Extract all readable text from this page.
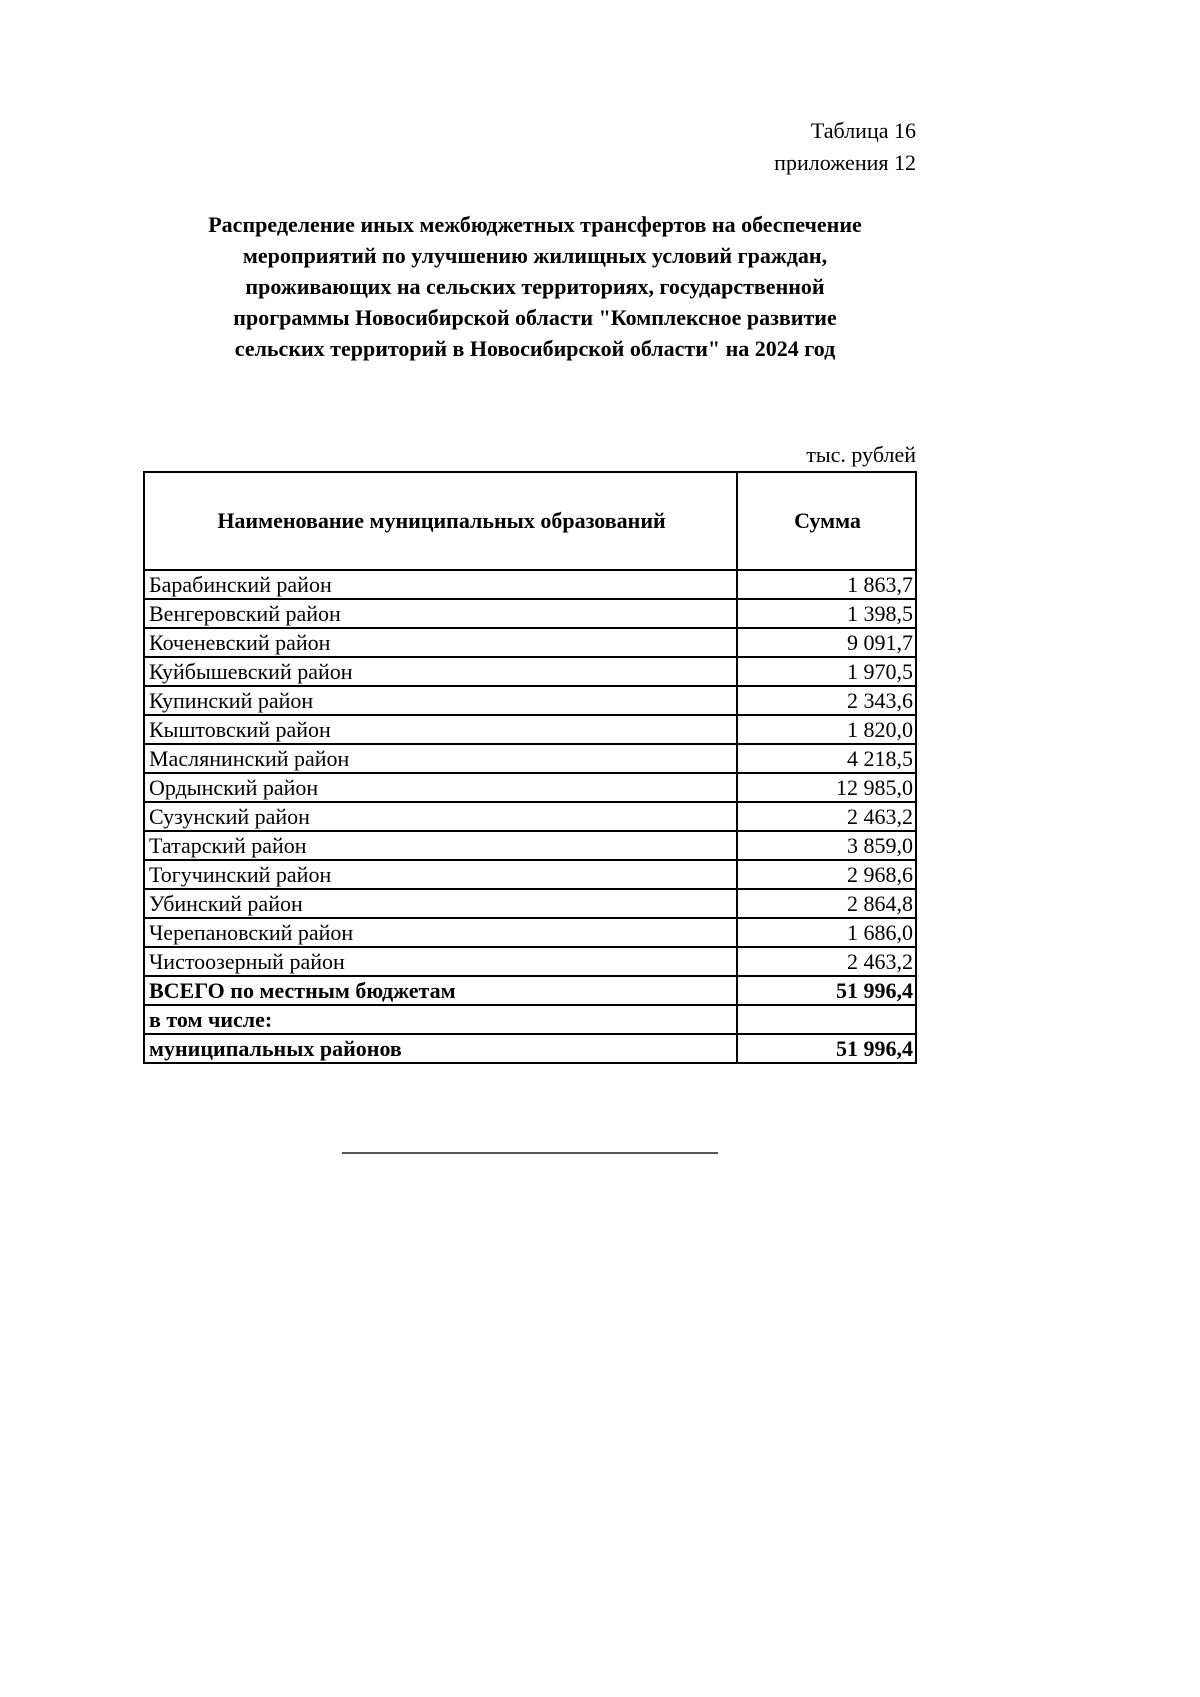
Таблица 16

приложения 12

Распределение иных межбюджетных трансфертов на обеспечение
мероприятий по улучшению жилищных условий граждан,
проживающих на сельских территориях, государственной
программы Новосибирской области "Комплексное развитие
сельских территорий в Новосибирской области" на 2024 год

тыс. рублей

Наименование муниципальных образований	Сумма
Барабинский район	1 863,7
Венгеровский район	1 398,5
Коченевский район	9 091,7
Куйбышевский район	1 970,5
Купинский район	2 343,6
Кыштовский район	1 820,0
Маслянинский район	4 218,5
Ордынский район	12 985,0
Сузунский район	2 463,2
Татарский район	3 859,0
Тогучинский район	2 968,6
Убинский район	2 864,8
Черепановский район	1 686,0
Чистоозерный район	2 463,2
ВСЕГО по местным бюджетам	51 996,4
в том числе:	
муниципальных районов	51 996,4
